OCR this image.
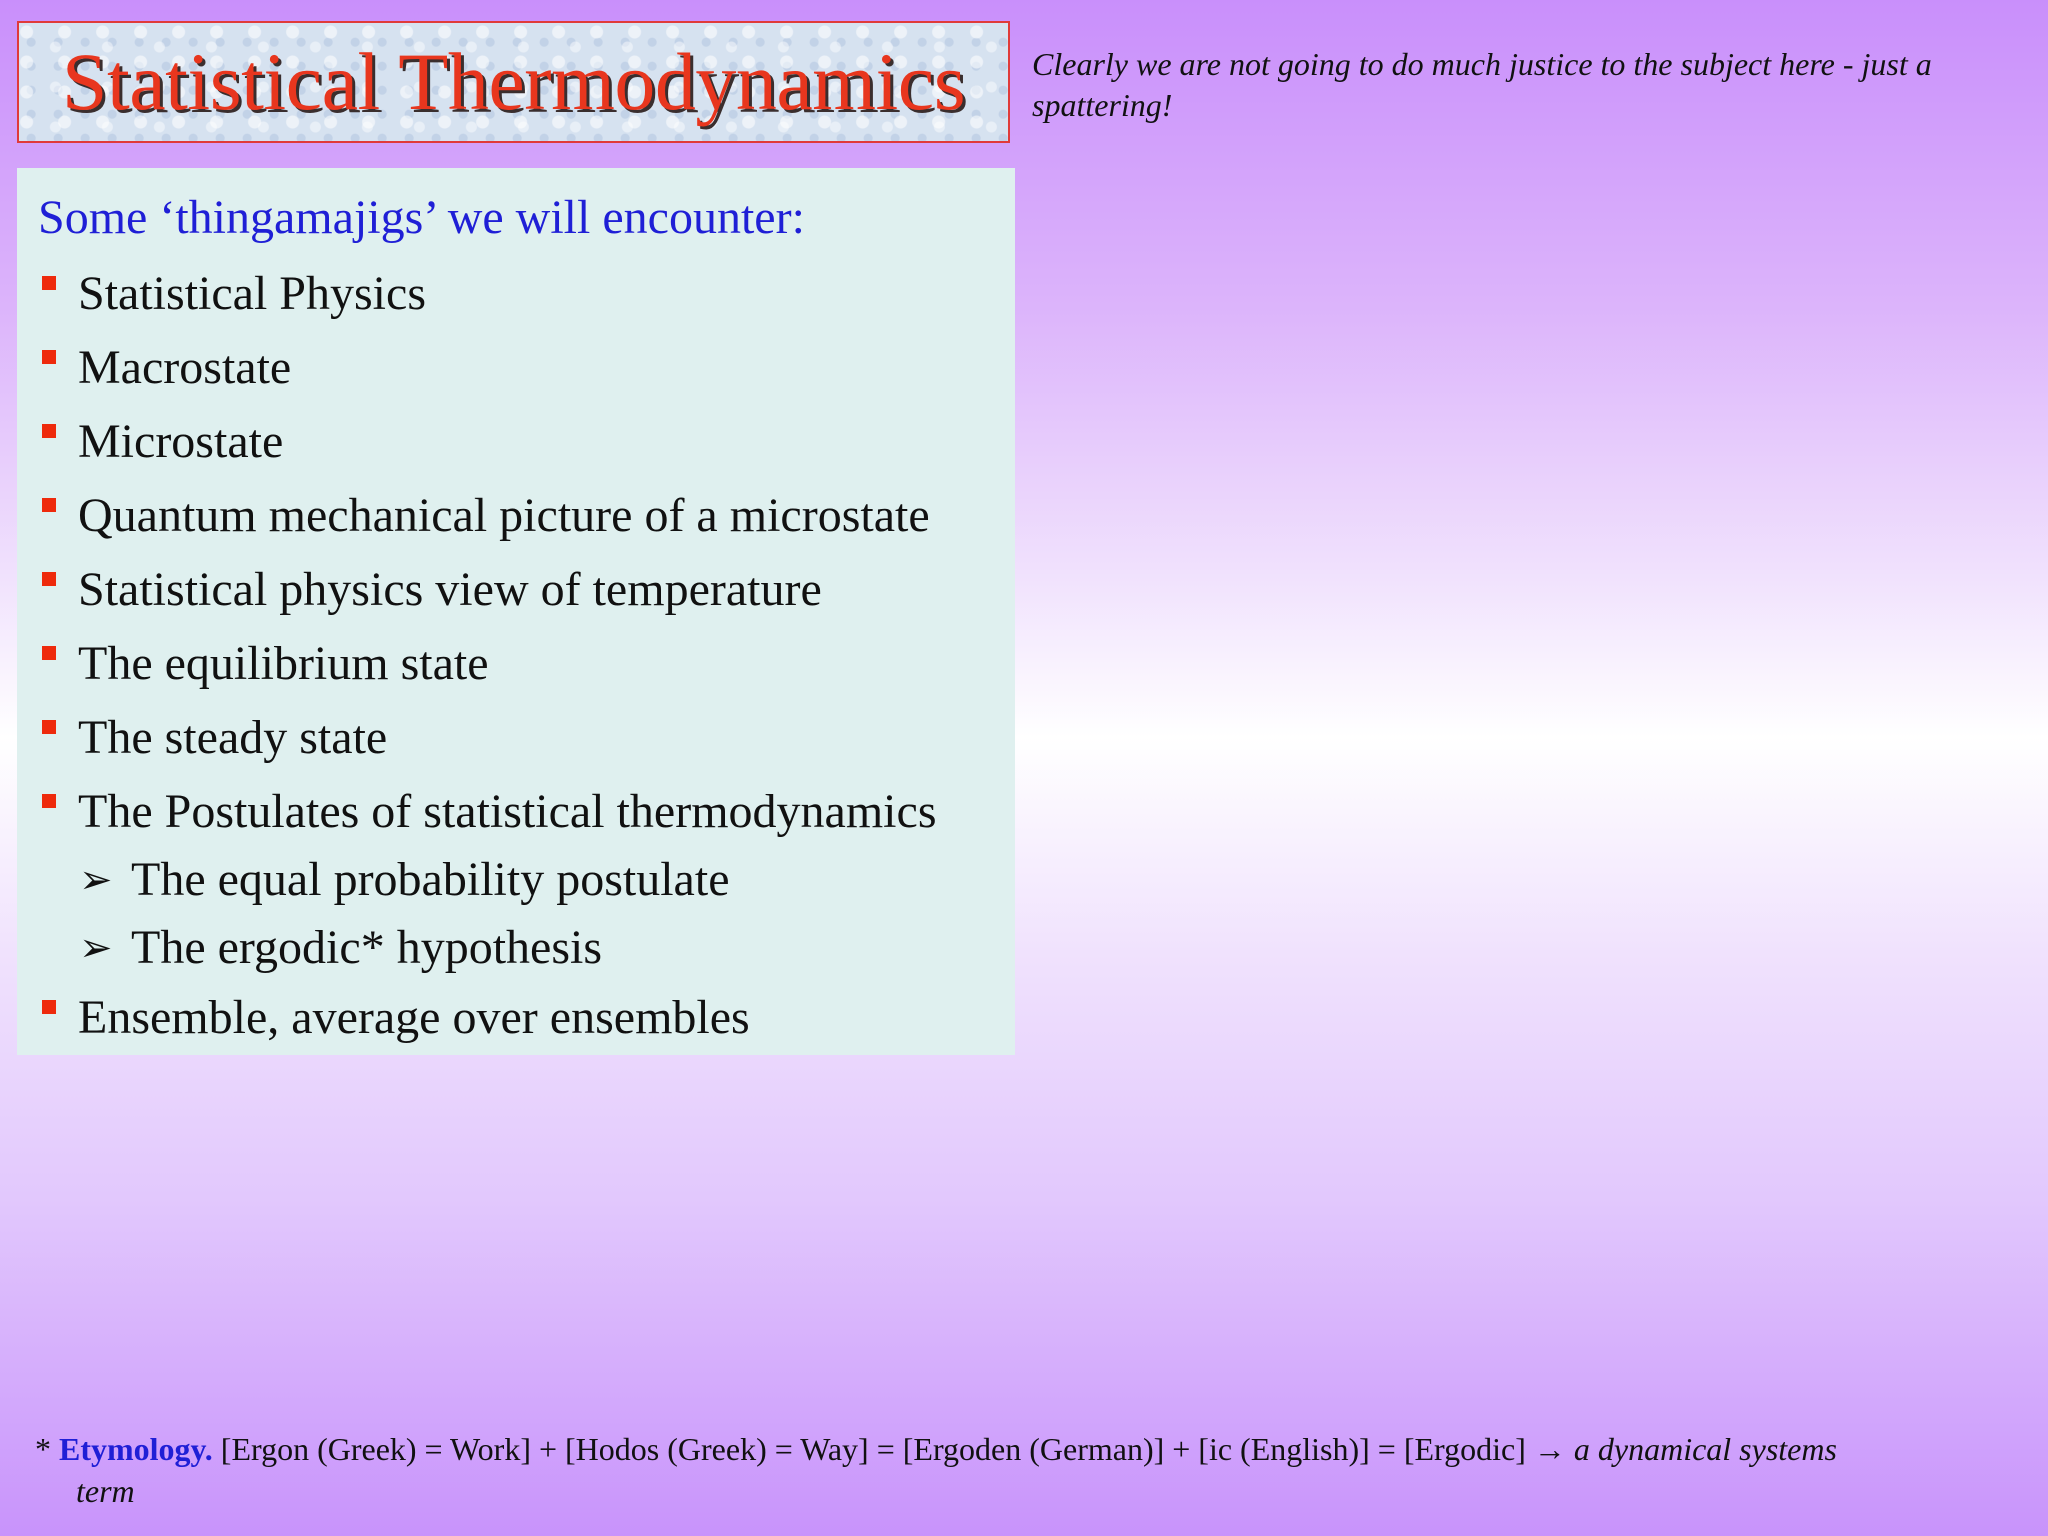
Statistical Thermodynamics Clearly we are not going to do much justice to the subject here - just a spattering!
Some ‘thingamajigs’ we will encounter:
Statistical Physics
Macrostate
Microstate
Quantum mechanical picture of a microstate
Statistical physics view of temperature
The equilibrium state
The steady state
The Postulates of statistical thermodynamics
➢ The equal probability postulate
➢ The ergodic* hypothesis
Ensemble, average over ensembles
* Etymology. [Ergon (Greek) = Work] + [Hodos (Greek) = Way] = [Ergoden (German)] + [ic (English)] = [Ergodic] → a dynamical systems
term
